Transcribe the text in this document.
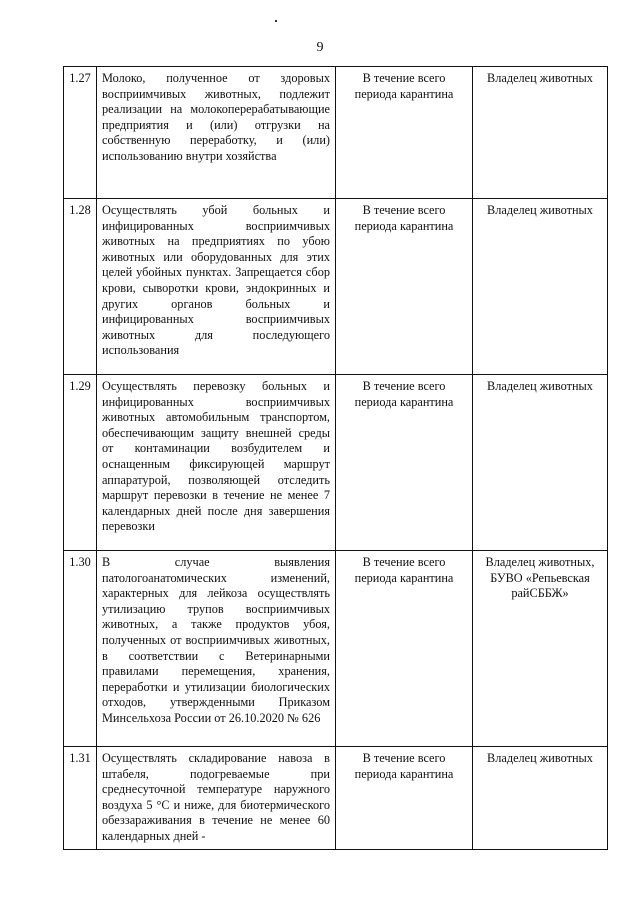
9
1.27	Молоко, полученное от здоровых восприимчивых животных, подлежит реализации на молокоперерабатывающие предприятия и (или) отгрузки на собственную переработку, и (или) использованию внутри хозяйства	В течение всего периода карантина	Владелец животных
1.28	Осуществлять убой больных и инфицированных восприимчивых животных на предприятиях по убою животных или оборудованных для этих целей убойных пунктах. Запрещается сбор крови, сыворотки крови, эндокринных и других органов больных и инфицированных восприимчивых животных для последующего использования	В течение всего периода карантина	Владелец животных
1.29	Осуществлять перевозку больных и инфицированных восприимчивых животных автомобильным транспортом, обеспечивающим защиту внешней среды от контаминации возбудителем и оснащенным фиксирующей маршрут аппаратурой, позволяющей отследить маршрут перевозки в течение не менее 7 календарных дней после дня завершения перевозки	В течение всего периода карантина	Владелец животных
1.30	В случае выявления патологоанатомических изменений, характерных для лейкоза осуществлять утилизацию трупов восприимчивых животных, а также продуктов убоя, полученных от восприимчивых животных, в соответствии с Ветеринарными правилами перемещения, хранения, переработки и утилизации биологических отходов, утвержденными Приказом Минсельхоза России от 26.10.2020 № 626	В течение всего периода карантина	Владелец животных, БУВО «Репьевская райСББЖ»
1.31	Осуществлять складирование навоза в штабеля, подогреваемые при среднесуточной температуре наружного воздуха 5 °С и ниже, для биотермического обеззараживания в течение не менее 60 календарных дней -	В течение всего периода карантина	Владелец животных
